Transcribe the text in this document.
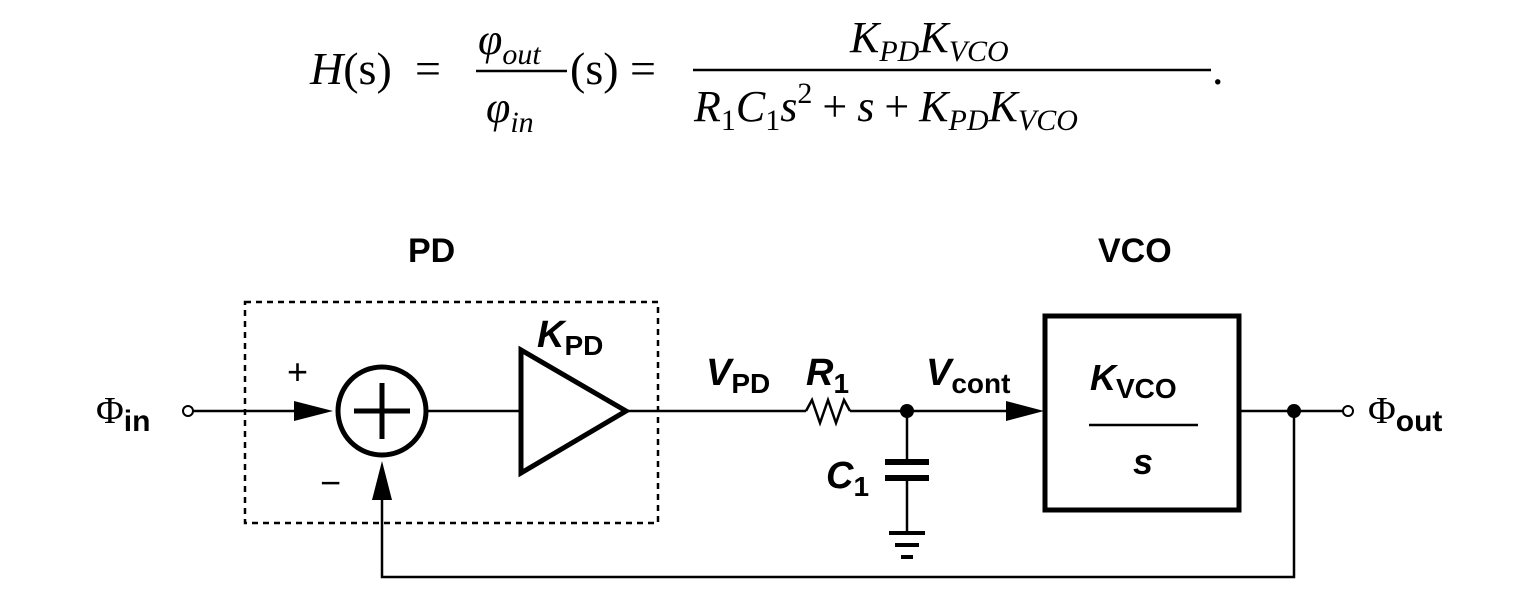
H(s) =
$\varphi_{out}$
$\varphi_{in}$
(s) =
$K_{PD}K_{VCO}$
$R_1C_1s^2 + s + K_{PD}K_{VCO}$
.
PD	VCO
$\Phi_{in}$
+
−
$K_{PD}$
$V_{PD}$ $R_1$ $V_{cont}$
$C_1$
$K_{VCO}$
s
$\Phi_{out}$
